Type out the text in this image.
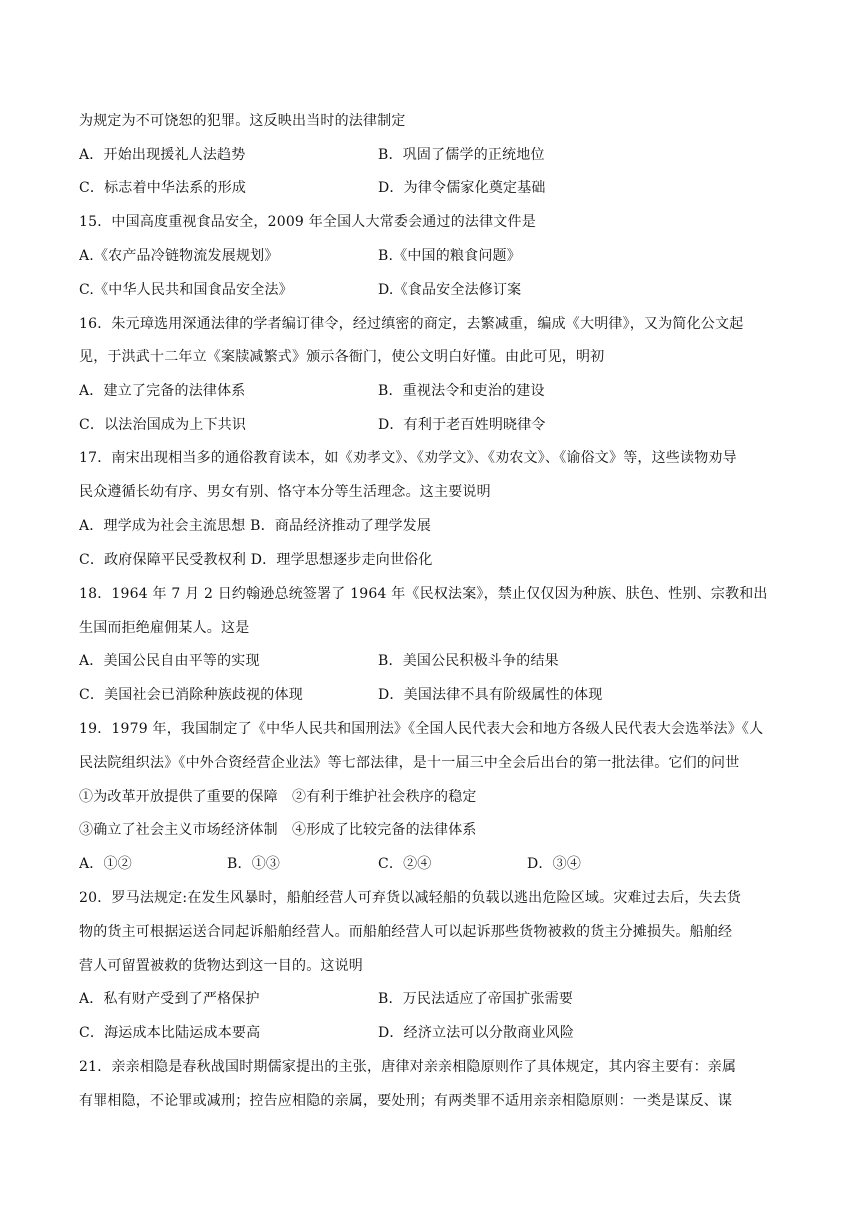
为规定为不可饶恕的犯罪。这反映出当时的法律制定
A．开始出现援礼人法趋势	B．巩固了儒学的正统地位
C．标志着中华法系的形成	D．为律令儒家化奠定基础
15．中国高度重视食品安全，2009 年全国人大常委会通过的法律文件是
A.《农产品冷链物流发展规划》	B.《中国的粮食问题》
C.《中华人民共和国食品安全法》	D.《食品安全法修订案
16．朱元璋选用深通法律的学者编订律令，经过缜密的商定，去繁减重，编成《大明律》，又为简化公文起
见，于洪武十二年立《案牍减繁式》颁示各衙门，使公文明白好懂。由此可见，明初
A．建立了完备的法律体系	B．重视法令和吏治的建设
C．以法治国成为上下共识	D．有利于老百姓明晓律令
17．南宋出现相当多的通俗教育读本，如《劝孝文》、《劝学文》、《劝农文》、《谕俗文》等，这些读物劝导
民众遵循长幼有序、男女有别、恪守本分等生活理念。这主要说明
A．理学成为社会主流思想 B．商品经济推动了理学发展
C．政府保障平民受教权利 D．理学思想逐步走向世俗化
18．1964 年 7 月 2 日约翰逊总统签署了 1964 年《民权法案》，禁止仅仅因为种族、肤色、性别、宗教和出
生国而拒绝雇佣某人。这是
A．美国公民自由平等的实现	B．美国公民积极斗争的结果
C．美国社会已消除种族歧视的体现	D．美国法律不具有阶级属性的体现
19．1979 年，我国制定了《中华人民共和国刑法》《全国人民代表大会和地方各级人民代表大会选举法》《人
民法院组织法》《中外合资经营企业法》等七部法律，是十一届三中全会后出台的第一批法律。它们的问世
①为改革开放提供了重要的保障　②有利于维护社会秩序的稳定
③确立了社会主义市场经济体制　④形成了比较完备的法律体系
A．①②	B．①③	C．②④	D．③④
20．罗马法规定:在发生风暴时，船舶经营人可弃货以减轻船的负载以逃出危险区域。灾难过去后，失去货
物的货主可根据运送合同起诉船舶经营人。而船舶经营人可以起诉那些货物被救的货主分摊损失。船舶经
营人可留置被救的货物达到这一目的。这说明
A．私有财产受到了严格保护	B．万民法适应了帝国扩张需要
C．海运成本比陆运成本要高	D．经济立法可以分散商业风险
21．亲亲相隐是春秋战国时期儒家提出的主张，唐律对亲亲相隐原则作了具体规定，其内容主要有：亲属
有罪相隐，不论罪或减刑；控告应相隐的亲属，要处刑；有两类罪不适用亲亲相隐原则：一类是谋反、谋
